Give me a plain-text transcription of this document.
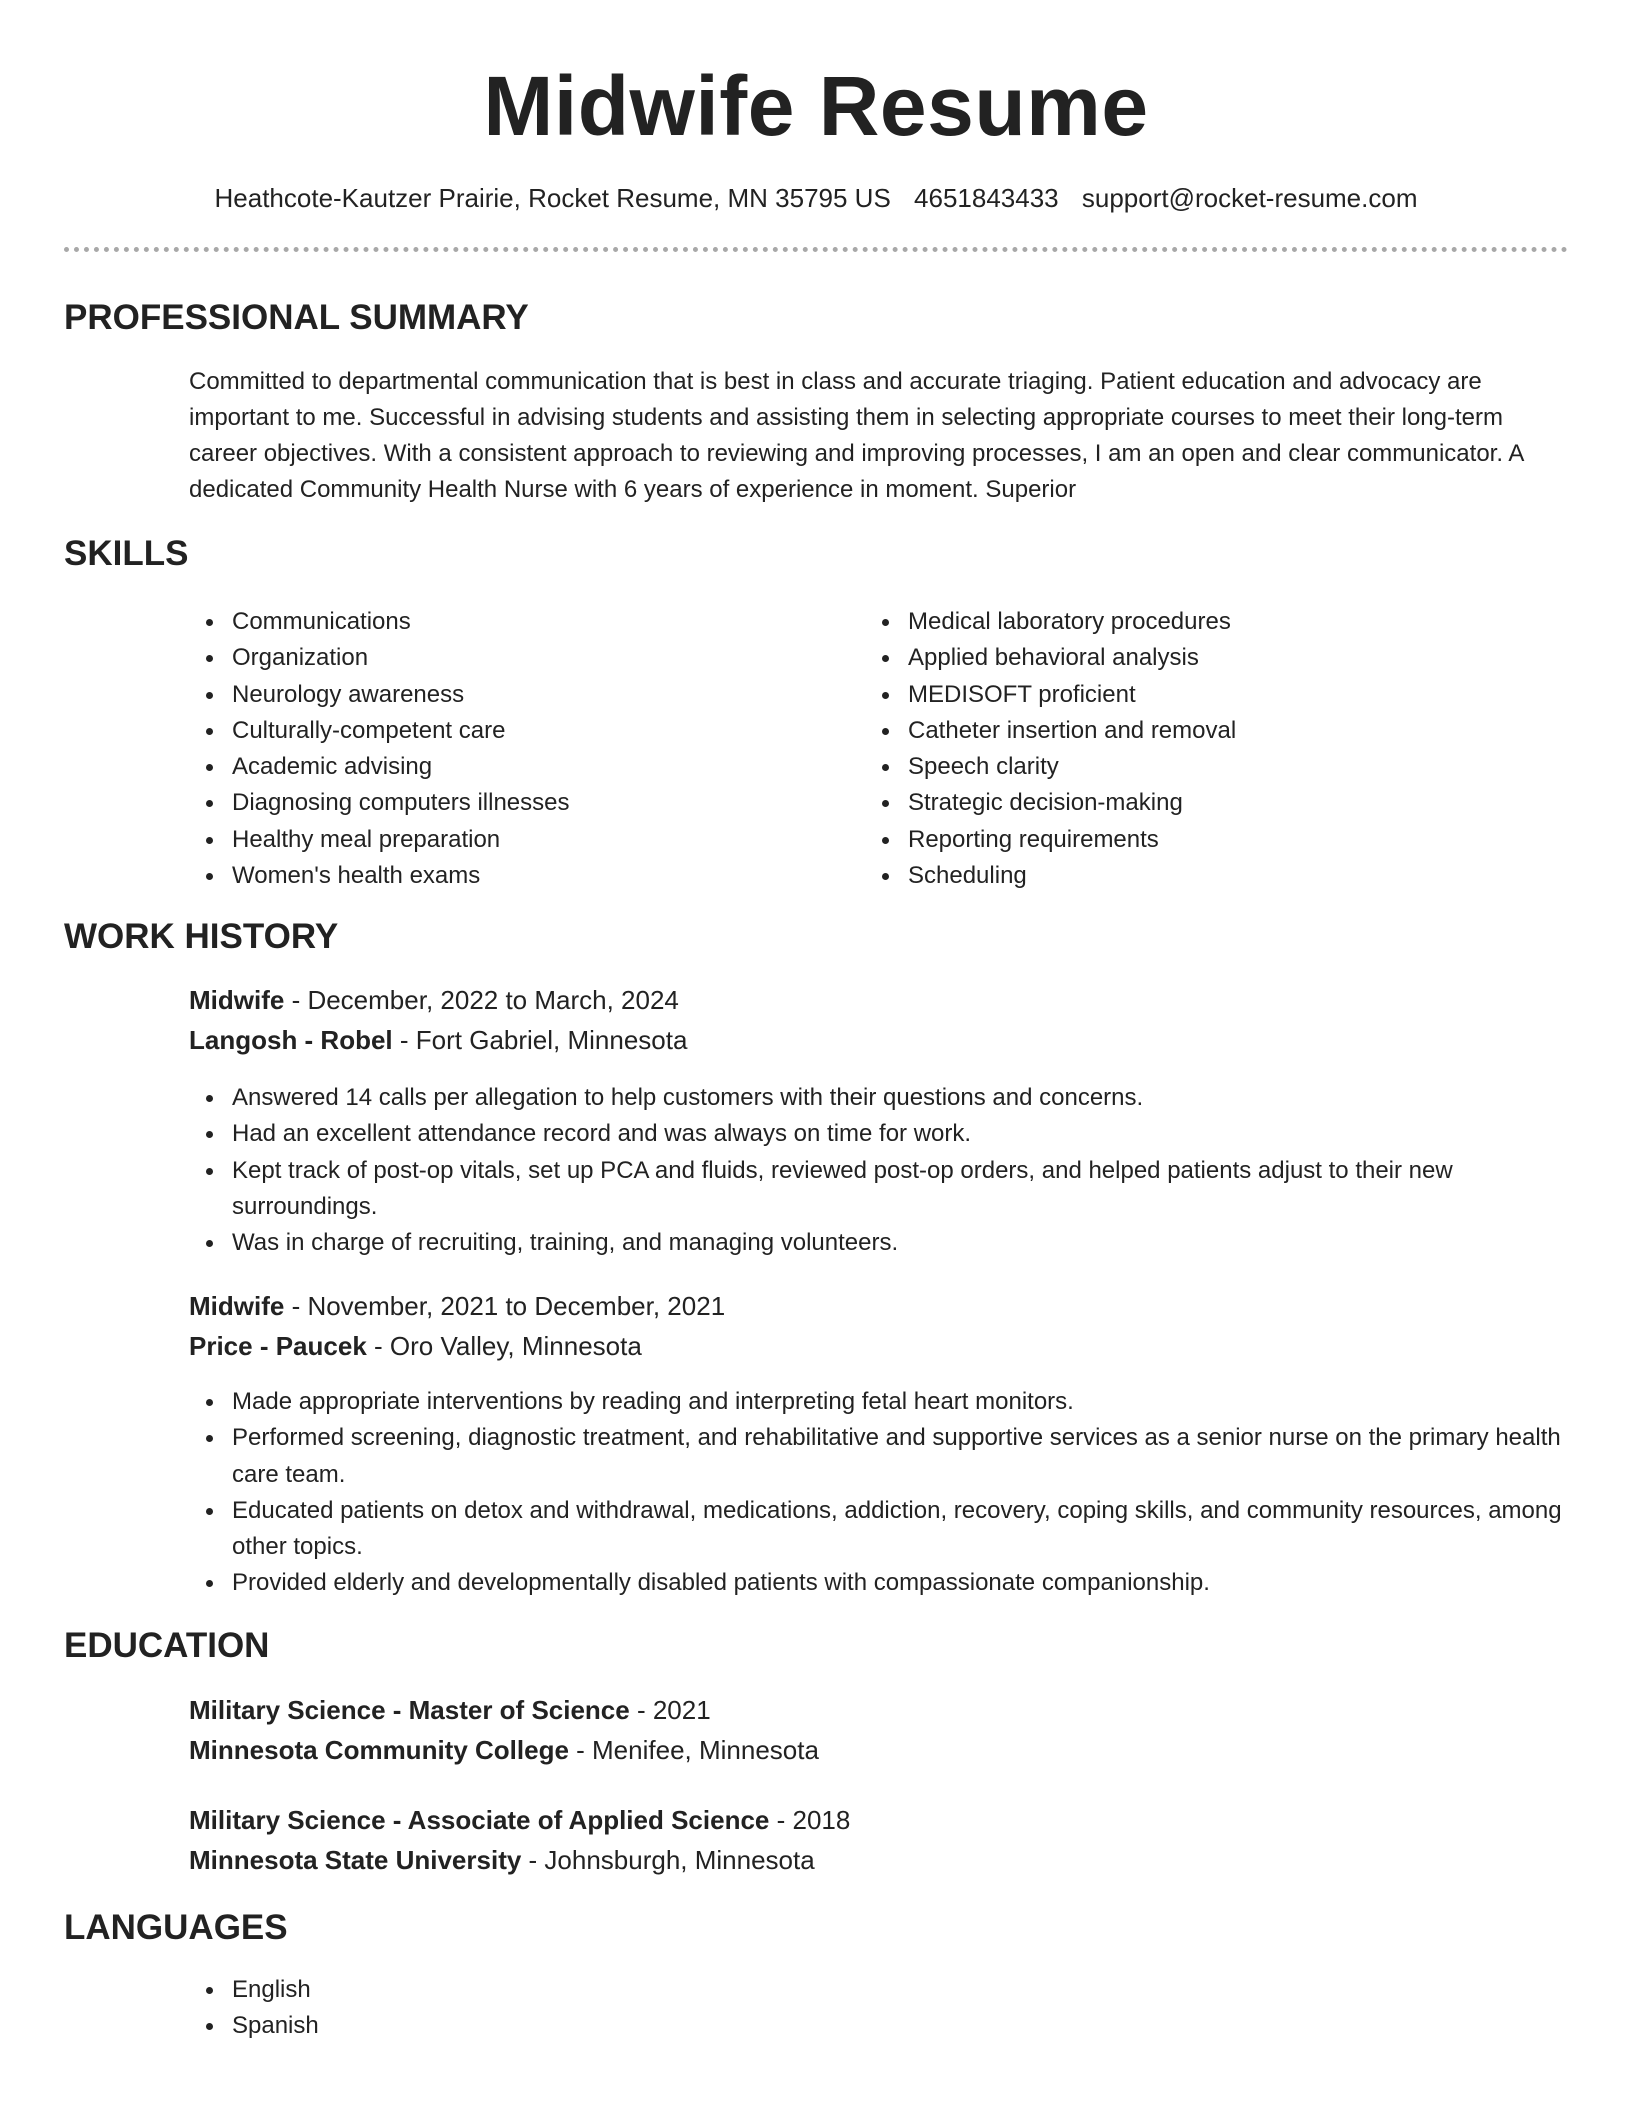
Midwife Resume
Heathcote-Kautzer Prairie, Rocket Resume, MN 35795 US 4651843433 support@rocket-resume.com
PROFESSIONAL SUMMARY

Committed to departmental communication that is best in class and accurate triaging. Patient education and advocacy are important to me. Successful in advising students and assisting them in selecting appropriate courses to meet their long-term career objectives. With a consistent approach to reviewing and improving processes, I am an open and clear communicator. A dedicated Community Health Nurse with 6 years of experience in moment. Superior

SKILLS
Communications
Organization
Neurology awareness
Culturally-competent care
Academic advising
Diagnosing computers illnesses
Healthy meal preparation
Women's health exams
Medical laboratory procedures
Applied behavioral analysis
MEDISOFT proficient
Catheter insertion and removal
Speech clarity
Strategic decision-making
Reporting requirements
Scheduling
WORK HISTORY

Midwife - December, 2022 to March, 2024

Langosh - Robel - Fort Gabriel, Minnesota

Answered 14 calls per allegation to help customers with their questions and concerns.
Had an excellent attendance record and was always on time for work.
Kept track of post-op vitals, set up PCA and fluids, reviewed post-op orders, and helped patients adjust to their new surroundings.
Was in charge of recruiting, training, and managing volunteers.

Midwife - November, 2021 to December, 2021

Price - Paucek - Oro Valley, Minnesota

Made appropriate interventions by reading and interpreting fetal heart monitors.
Performed screening, diagnostic treatment, and rehabilitative and supportive services as a senior nurse on the primary health care team.
Educated patients on detox and withdrawal, medications, addiction, recovery, coping skills, and community resources, among other topics.
Provided elderly and developmentally disabled patients with compassionate companionship.
EDUCATION

Military Science - Master of Science - 2021

Minnesota Community College - Menifee, Minnesota

Military Science - Associate of Applied Science - 2018

Minnesota State University - Johnsburgh, Minnesota

LANGUAGES
English
Spanish
